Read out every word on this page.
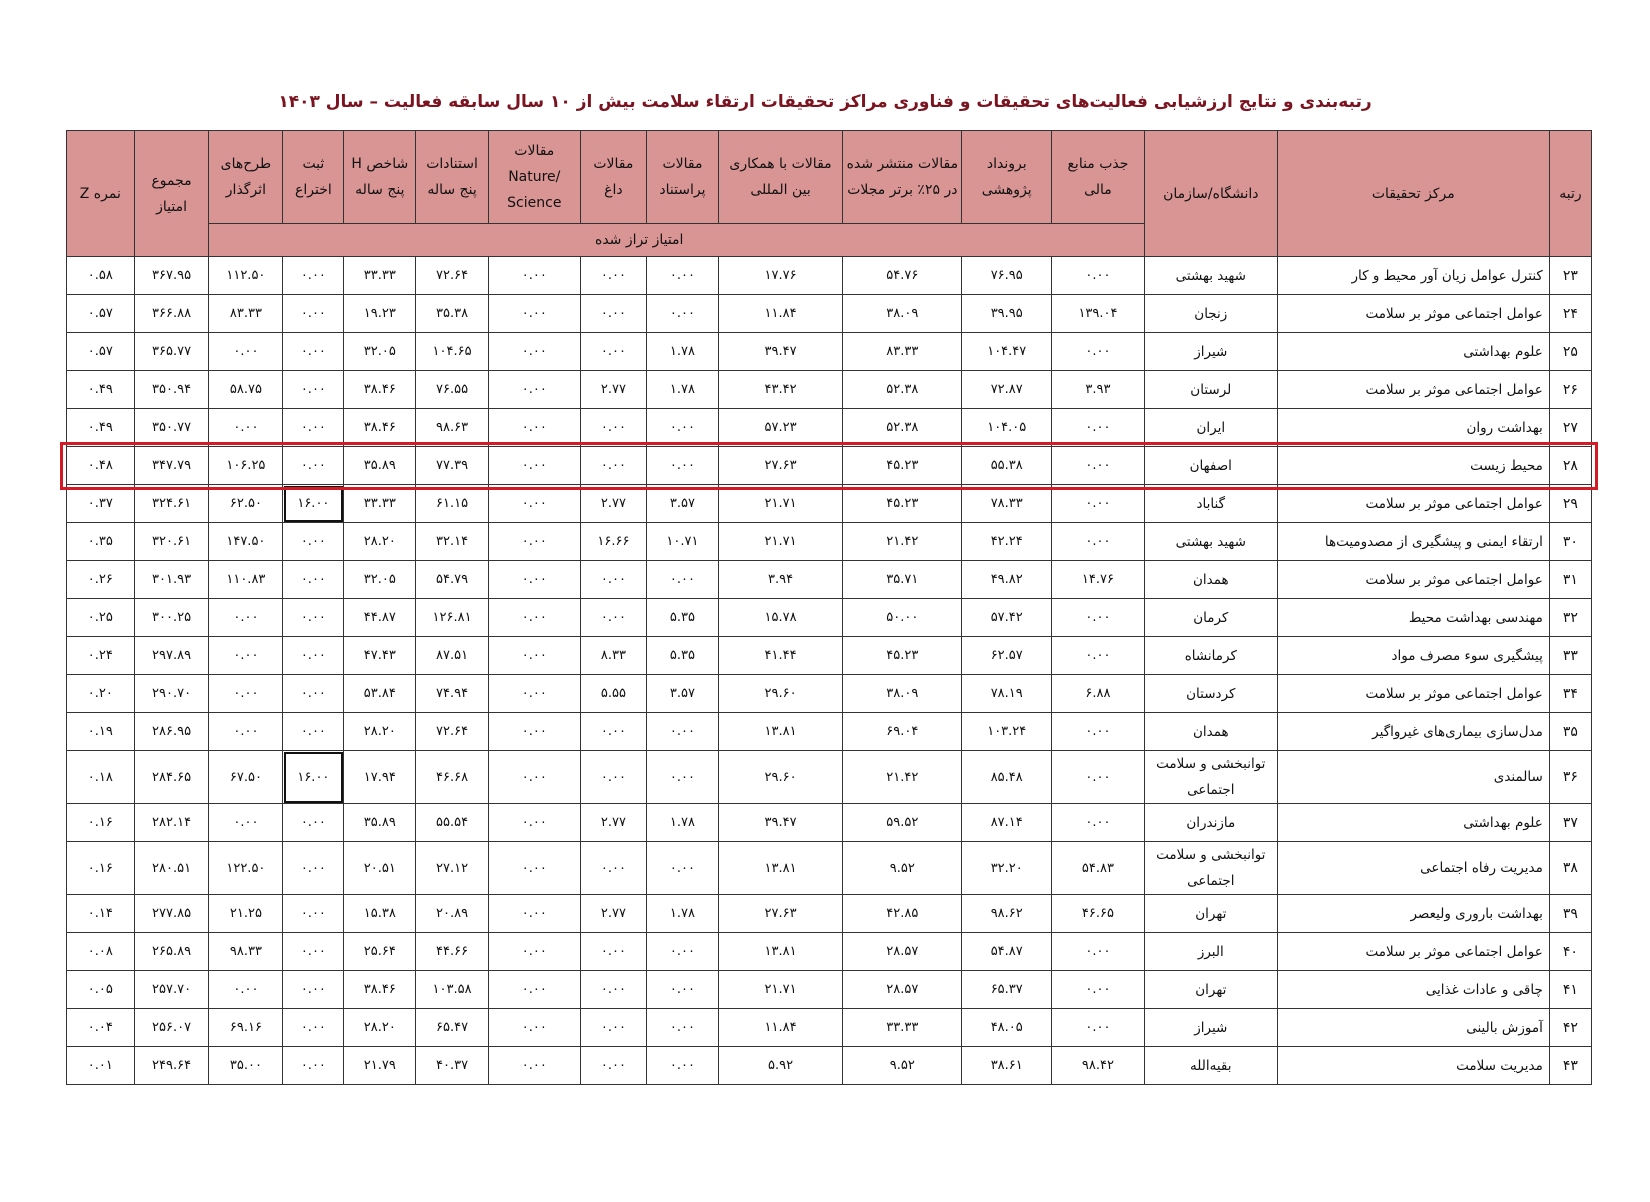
رتبه‌بندی و نتایج ارزشیابی فعالیت‌های تحقیقات و فناوری مراکز تحقیقات ارتقاء سلامت بیش از ۱۰ سال سابقه فعالیت – سال ۱۴۰۳
رتبه	مرکز تحقیقات	دانشگاه/سازمان	جذب منابع مالی	برونداد پژوهشی	مقالات منتشر شده در ۲۵٪ برتر مجلات	مقالات با همکاری بین المللی	مقالات پراستناد	مقالات داغ	مقالات Nature/ Science	استنادات پنج ساله	شاخص H پنج ساله	ثبت اختراع	طرح‌های اثرگذار	مجموع امتیاز	نمره Z
			امتیاز تراز شده												
۲۳	کنترل عوامل زیان آور محیط و کار	شهید بهشتی	۰.۰۰	۷۶.۹۵	۵۴.۷۶	۱۷.۷۶	۰.۰۰	۰.۰۰	۰.۰۰	۷۲.۶۴	۳۳.۳۳	۰.۰۰	۱۱۲.۵۰	۳۶۷.۹۵	۰.۵۸
۲۴	عوامل اجتماعی موثر بر سلامت	زنجان	۱۳۹.۰۴	۳۹.۹۵	۳۸.۰۹	۱۱.۸۴	۰.۰۰	۰.۰۰	۰.۰۰	۳۵.۳۸	۱۹.۲۳	۰.۰۰	۸۳.۳۳	۳۶۶.۸۸	۰.۵۷
۲۵	علوم بهداشتی	شیراز	۰.۰۰	۱۰۴.۴۷	۸۳.۳۳	۳۹.۴۷	۱.۷۸	۰.۰۰	۰.۰۰	۱۰۴.۶۵	۳۲.۰۵	۰.۰۰	۰.۰۰	۳۶۵.۷۷	۰.۵۷
۲۶	عوامل اجتماعی موثر بر سلامت	لرستان	۳.۹۳	۷۲.۸۷	۵۲.۳۸	۴۳.۴۲	۱.۷۸	۲.۷۷	۰.۰۰	۷۶.۵۵	۳۸.۴۶	۰.۰۰	۵۸.۷۵	۳۵۰.۹۴	۰.۴۹
۲۷	بهداشت روان	ایران	۰.۰۰	۱۰۴.۰۵	۵۲.۳۸	۵۷.۲۳	۰.۰۰	۰.۰۰	۰.۰۰	۹۸.۶۳	۳۸.۴۶	۰.۰۰	۰.۰۰	۳۵۰.۷۷	۰.۴۹
۲۸	محیط زیست	اصفهان	۰.۰۰	۵۵.۳۸	۴۵.۲۳	۲۷.۶۳	۰.۰۰	۰.۰۰	۰.۰۰	۷۷.۳۹	۳۵.۸۹	۰.۰۰	۱۰۶.۲۵	۳۴۷.۷۹	۰.۴۸
۲۹	عوامل اجتماعی موثر بر سلامت	گناباد	۰.۰۰	۷۸.۳۳	۴۵.۲۳	۲۱.۷۱	۳.۵۷	۲.۷۷	۰.۰۰	۶۱.۱۵	۳۳.۳۳	۱۶.۰۰	۶۲.۵۰	۳۲۴.۶۱	۰.۳۷
۳۰	ارتقاء ایمنی و پیشگیری از مصدومیت‌ها	شهید بهشتی	۰.۰۰	۴۲.۲۴	۲۱.۴۲	۲۱.۷۱	۱۰.۷۱	۱۶.۶۶	۰.۰۰	۳۲.۱۴	۲۸.۲۰	۰.۰۰	۱۴۷.۵۰	۳۲۰.۶۱	۰.۳۵
۳۱	عوامل اجتماعی موثر بر سلامت	همدان	۱۴.۷۶	۴۹.۸۲	۳۵.۷۱	۳.۹۴	۰.۰۰	۰.۰۰	۰.۰۰	۵۴.۷۹	۳۲.۰۵	۰.۰۰	۱۱۰.۸۳	۳۰۱.۹۳	۰.۲۶
۳۲	مهندسی بهداشت محیط	کرمان	۰.۰۰	۵۷.۴۲	۵۰.۰۰	۱۵.۷۸	۵.۳۵	۰.۰۰	۰.۰۰	۱۲۶.۸۱	۴۴.۸۷	۰.۰۰	۰.۰۰	۳۰۰.۲۵	۰.۲۵
۳۳	پیشگیری سوء مصرف مواد	کرمانشاه	۰.۰۰	۶۲.۵۷	۴۵.۲۳	۴۱.۴۴	۵.۳۵	۸.۳۳	۰.۰۰	۸۷.۵۱	۴۷.۴۳	۰.۰۰	۰.۰۰	۲۹۷.۸۹	۰.۲۴
۳۴	عوامل اجتماعی موثر بر سلامت	کردستان	۶.۸۸	۷۸.۱۹	۳۸.۰۹	۲۹.۶۰	۳.۵۷	۵.۵۵	۰.۰۰	۷۴.۹۴	۵۳.۸۴	۰.۰۰	۰.۰۰	۲۹۰.۷۰	۰.۲۰
۳۵	مدل‌سازی بیماری‌های غیرواگیر	همدان	۰.۰۰	۱۰۳.۲۴	۶۹.۰۴	۱۳.۸۱	۰.۰۰	۰.۰۰	۰.۰۰	۷۲.۶۴	۲۸.۲۰	۰.۰۰	۰.۰۰	۲۸۶.۹۵	۰.۱۹
۳۶	سالمندی	توانبخشی و سلامت اجتماعی	۰.۰۰	۸۵.۴۸	۲۱.۴۲	۲۹.۶۰	۰.۰۰	۰.۰۰	۰.۰۰	۴۶.۶۸	۱۷.۹۴	۱۶.۰۰	۶۷.۵۰	۲۸۴.۶۵	۰.۱۸
۳۷	علوم بهداشتی	مازندران	۰.۰۰	۸۷.۱۴	۵۹.۵۲	۳۹.۴۷	۱.۷۸	۲.۷۷	۰.۰۰	۵۵.۵۴	۳۵.۸۹	۰.۰۰	۰.۰۰	۲۸۲.۱۴	۰.۱۶
۳۸	مدیریت رفاه اجتماعی	توانبخشی و سلامت اجتماعی	۵۴.۸۳	۳۲.۲۰	۹.۵۲	۱۳.۸۱	۰.۰۰	۰.۰۰	۰.۰۰	۲۷.۱۲	۲۰.۵۱	۰.۰۰	۱۲۲.۵۰	۲۸۰.۵۱	۰.۱۶
۳۹	بهداشت باروری ولیعصر	تهران	۴۶.۶۵	۹۸.۶۲	۴۲.۸۵	۲۷.۶۳	۱.۷۸	۲.۷۷	۰.۰۰	۲۰.۸۹	۱۵.۳۸	۰.۰۰	۲۱.۲۵	۲۷۷.۸۵	۰.۱۴
۴۰	عوامل اجتماعی موثر بر سلامت	البرز	۰.۰۰	۵۴.۸۷	۲۸.۵۷	۱۳.۸۱	۰.۰۰	۰.۰۰	۰.۰۰	۴۴.۶۶	۲۵.۶۴	۰.۰۰	۹۸.۳۳	۲۶۵.۸۹	۰.۰۸
۴۱	چاقی و عادات غذایی	تهران	۰.۰۰	۶۵.۳۷	۲۸.۵۷	۲۱.۷۱	۰.۰۰	۰.۰۰	۰.۰۰	۱۰۳.۵۸	۳۸.۴۶	۰.۰۰	۰.۰۰	۲۵۷.۷۰	۰.۰۵
۴۲	آموزش بالینی	شیراز	۰.۰۰	۴۸.۰۵	۳۳.۳۳	۱۱.۸۴	۰.۰۰	۰.۰۰	۰.۰۰	۶۵.۴۷	۲۸.۲۰	۰.۰۰	۶۹.۱۶	۲۵۶.۰۷	۰.۰۴
۴۳	مدیریت سلامت	بقیه‌الله	۹۸.۴۲	۳۸.۶۱	۹.۵۲	۵.۹۲	۰.۰۰	۰.۰۰	۰.۰۰	۴۰.۳۷	۲۱.۷۹	۰.۰۰	۳۵.۰۰	۲۴۹.۶۴	۰.۰۱
